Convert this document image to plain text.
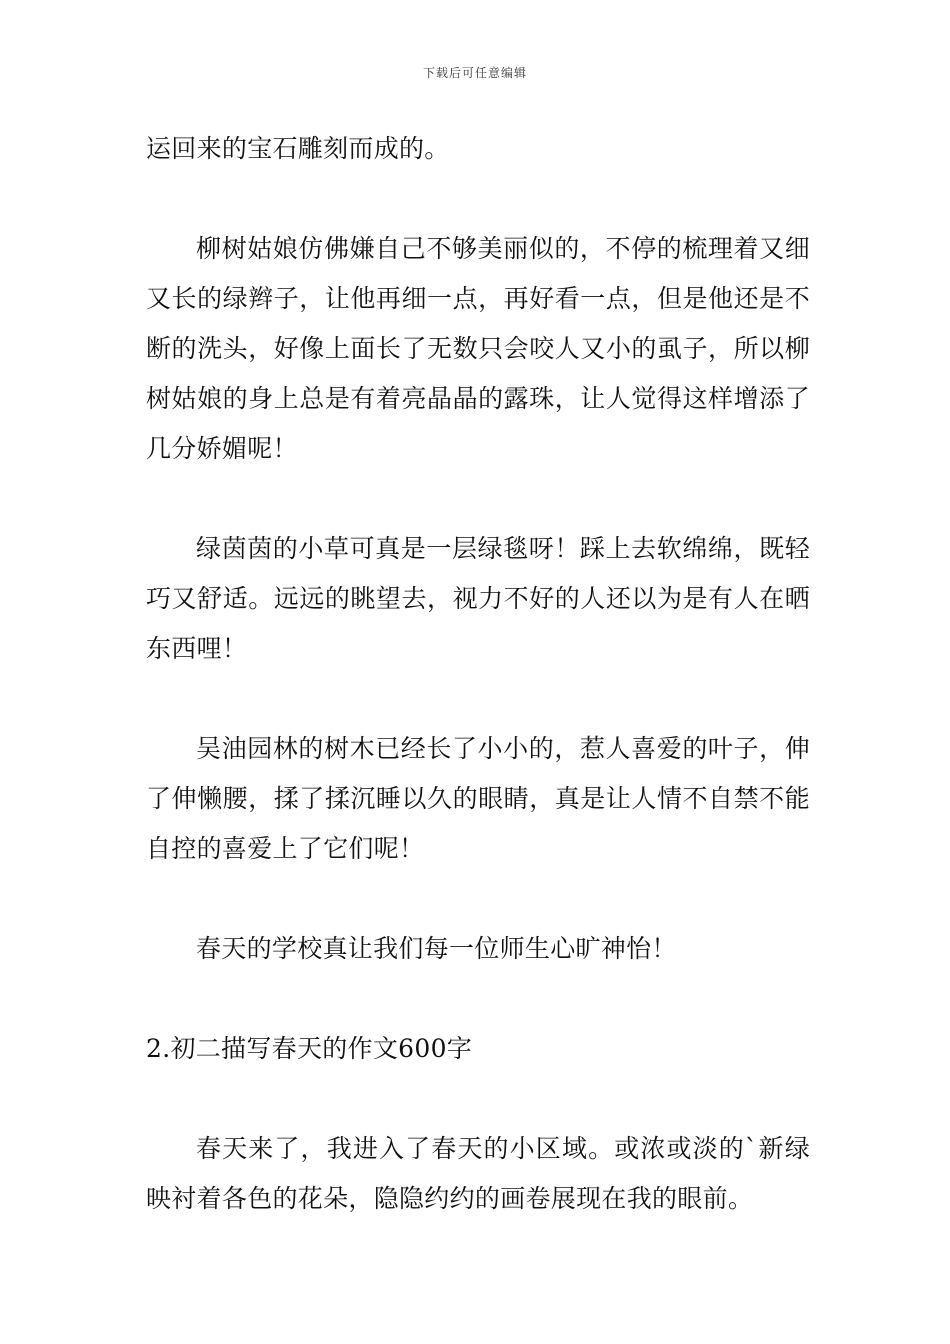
下载后可任意编辑

运回来的宝石雕刻而成的。

柳树姑娘仿佛嫌自己不够美丽似的，不停的梳理着又细又长的绿辫子，让他再细一点，再好看一点，但是他还是不断的洗头，好像上面长了无数只会咬人又小的虱子，所以柳树姑娘的身上总是有着亮晶晶的露珠，让人觉得这样增添了几分娇媚呢！

绿茵茵的小草可真是一层绿毯呀！踩上去软绵绵，既轻巧又舒适。远远的眺望去，视力不好的人还以为是有人在晒东西哩！

吴油园林的树木已经长了小小的，惹人喜爱的叶子，伸了伸懒腰，揉了揉沉睡以久的眼睛，真是让人情不自禁不能自控的喜爱上了它们呢！

春天的学校真让我们每一位师生心旷神怡！

2.初二描写春天的作文600字

春天来了，我进入了春天的小区域。或浓或淡的`新绿映衬着各色的花朵，隐隐约约的画卷展现在我的眼前。
